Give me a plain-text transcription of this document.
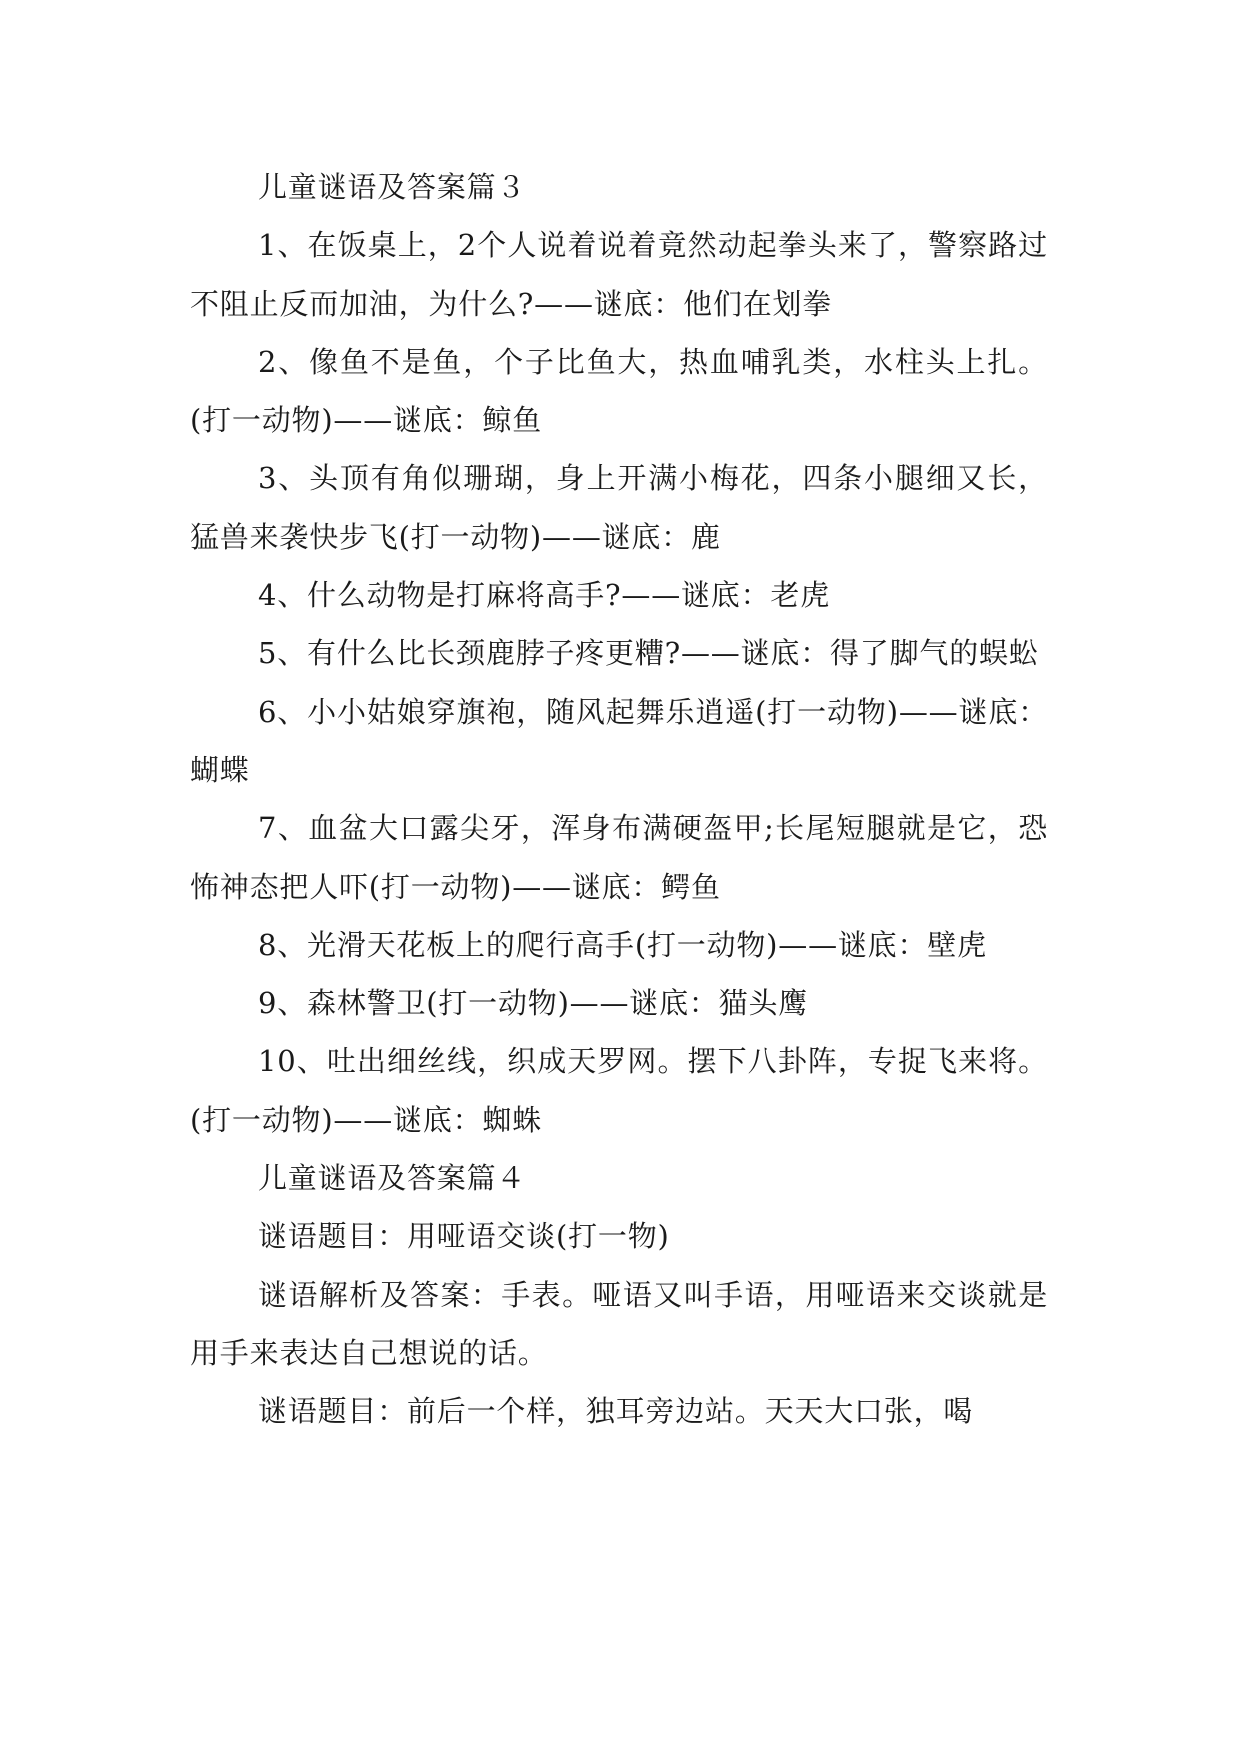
儿童谜语及答案篇３

1、在饭桌上，2个人说着说着竟然动起拳头来了，警察路过不阻止反而加油，为什么?——谜底：他们在划拳

2、像鱼不是鱼，个子比鱼大，热血哺乳类，水柱头上扎。(打一动物)——谜底：鲸鱼

3、头顶有角似珊瑚，身上开满小梅花，四条小腿细又长，猛兽来袭快步飞(打一动物)——谜底：鹿

4、什么动物是打麻将高手?——谜底：老虎

5、有什么比长颈鹿脖子疼更糟?——谜底：得了脚气的蜈蚣

6、小小姑娘穿旗袍，随风起舞乐逍遥(打一动物)——谜底：蝴蝶

7、血盆大口露尖牙，浑身布满硬盔甲;长尾短腿就是它，恐怖神态把人吓(打一动物)——谜底：鳄鱼

8、光滑天花板上的爬行高手(打一动物)——谜底：壁虎

9、森林警卫(打一动物)——谜底：猫头鹰

10、吐出细丝线，织成天罗网。摆下八卦阵，专捉飞来将。(打一动物)——谜底：蜘蛛

儿童谜语及答案篇４

谜语题目：用哑语交谈(打一物)

谜语解析及答案：手表。哑语又叫手语，用哑语来交谈就是用手来表达自己想说的话。

谜语题目：前后一个样，独耳旁边站。天天大口张，喝
